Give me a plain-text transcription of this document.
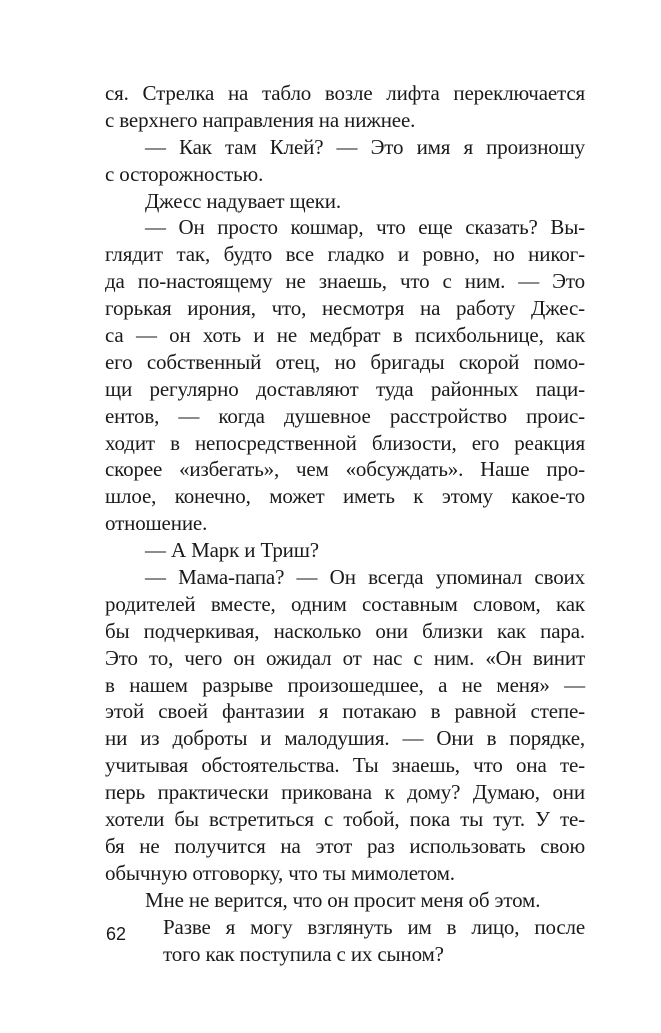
ся. Стрелка на табло возле лифта переключается
с верхнего направления на нижнее.
— Как там Клей? — Это имя я произношу
с осторожностью.
Джесс надувает щеки.
— Он просто кошмар, что еще сказать? Вы-
глядит так, будто все гладко и ровно, но никог-
да по-настоящему не знаешь, что с ним. — Это
горькая ирония, что, несмотря на работу Джес-
са — он хоть и не медбрат в психбольнице, как
его собственный отец, но бригады скорой помо-
щи регулярно доставляют туда районных паци-
ентов, — когда душевное расстройство проис-
ходит в непосредственной близости, его реакция
скорее «избегать», чем «обсуждать». Наше про-
шлое, конечно, может иметь к этому какое-то
отношение.
— А Марк и Триш?
— Мама-папа? — Он всегда упоминал своих
родителей вместе, одним составным словом, как
бы подчеркивая, насколько они близки как пара.
Это то, чего он ожидал от нас с ним. «Он винит
в нашем разрыве произошедшее, а не меня» —
этой своей фантазии я потакаю в равной степе-
ни из доброты и малодушия. — Они в порядке,
учитывая обстоятельства. Ты знаешь, что она те-
перь практически прикована к дому? Думаю, они
хотели бы встретиться с тобой, пока ты тут. У те-
бя не получится на этот раз использовать свою
обычную отговорку, что ты мимолетом.
Мне не верится, что он просит меня об этом.
Разве я могу взглянуть им в лицо, после
того как поступила с их сыном?
62
